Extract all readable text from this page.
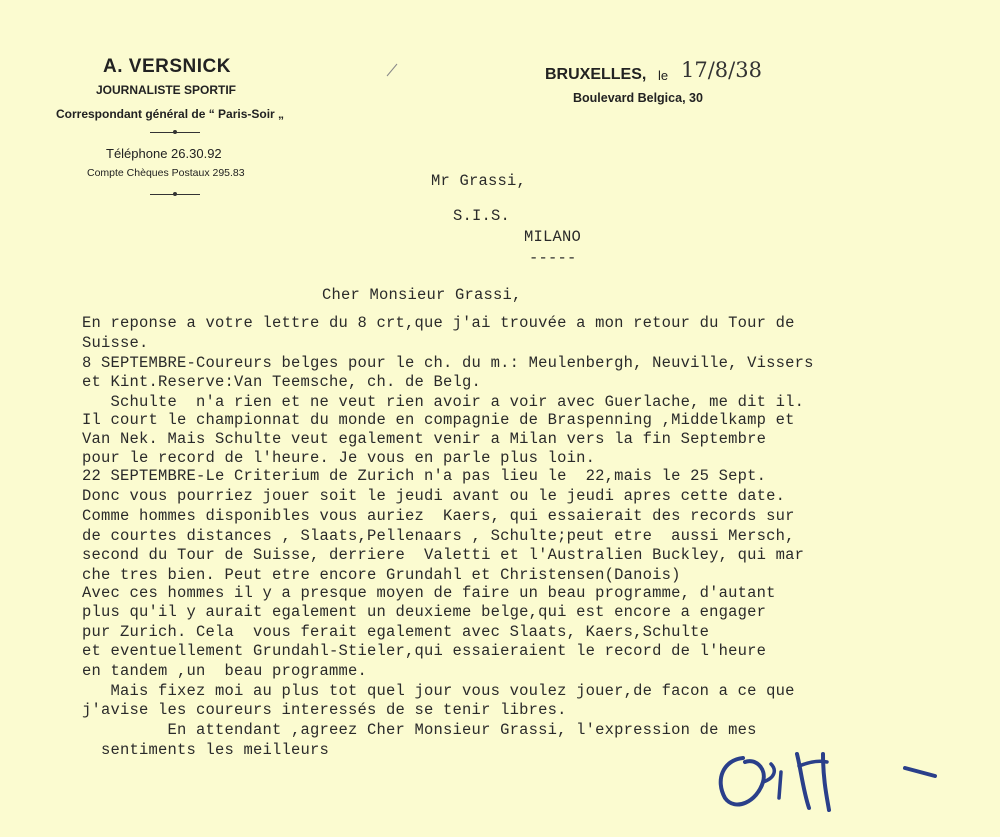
A. VERSNICK
JOURNALISTE SPORTIF
Correspondant général de “ Paris-Soir „
Téléphone 26.30.92
Compte Chèques Postaux 295.83
BRUXELLES, le 17/8/38
Boulevard Belgica, 30
Mr Grassi,
S.I.S.
MILANO
-----
Cher Monsieur Grassi,
En reponse a votre lettre du 8 crt,que j'ai trouvée a mon retour du Tour de
Suisse.
8 SEPTEMBRE-Coureurs belges pour le ch. du m.: Meulenbergh, Neuville, Vissers
et Kint.Reserve:Van Teemsche, ch. de Belg.
Schulte  n'a rien et ne veut rien avoir a voir avec Guerlache, me dit il.
Il court le championnat du monde en compagnie de Braspenning ,Middelkamp et
Van Nek. Mais Schulte veut egalement venir a Milan vers la fin Septembre
pour le record de l'heure. Je vous en parle plus loin.
22 SEPTEMBRE-Le Criterium de Zurich n'a pas lieu le  22,mais le 25 Sept.
Donc vous pourriez jouer soit le jeudi avant ou le jeudi apres cette date.
Comme hommes disponibles vous auriez  Kaers, qui essaierait des records sur
de courtes distances , Slaats,Pellenaars , Schulte;peut etre  aussi Mersch,
second du Tour de Suisse, derriere  Valetti et l'Australien Buckley, qui mar
che tres bien. Peut etre encore Grundahl et Christensen(Danois)
Avec ces hommes il y a presque moyen de faire un beau programme, d'autant
plus qu'il y aurait egalement un deuxieme belge,qui est encore a engager
pur Zurich. Cela  vous ferait egalement avec Slaats, Kaers,Schulte
et eventuellement Grundahl-Stieler,qui essaieraient le record de l'heure
en tandem ,un  beau programme.
Mais fixez moi au plus tot quel jour vous voulez jouer,de facon a ce que
j'avise les coureurs interessés de se tenir libres.
En attendant ,agreez Cher Monsieur Grassi, l'expression de mes
sentiments les meilleurs
